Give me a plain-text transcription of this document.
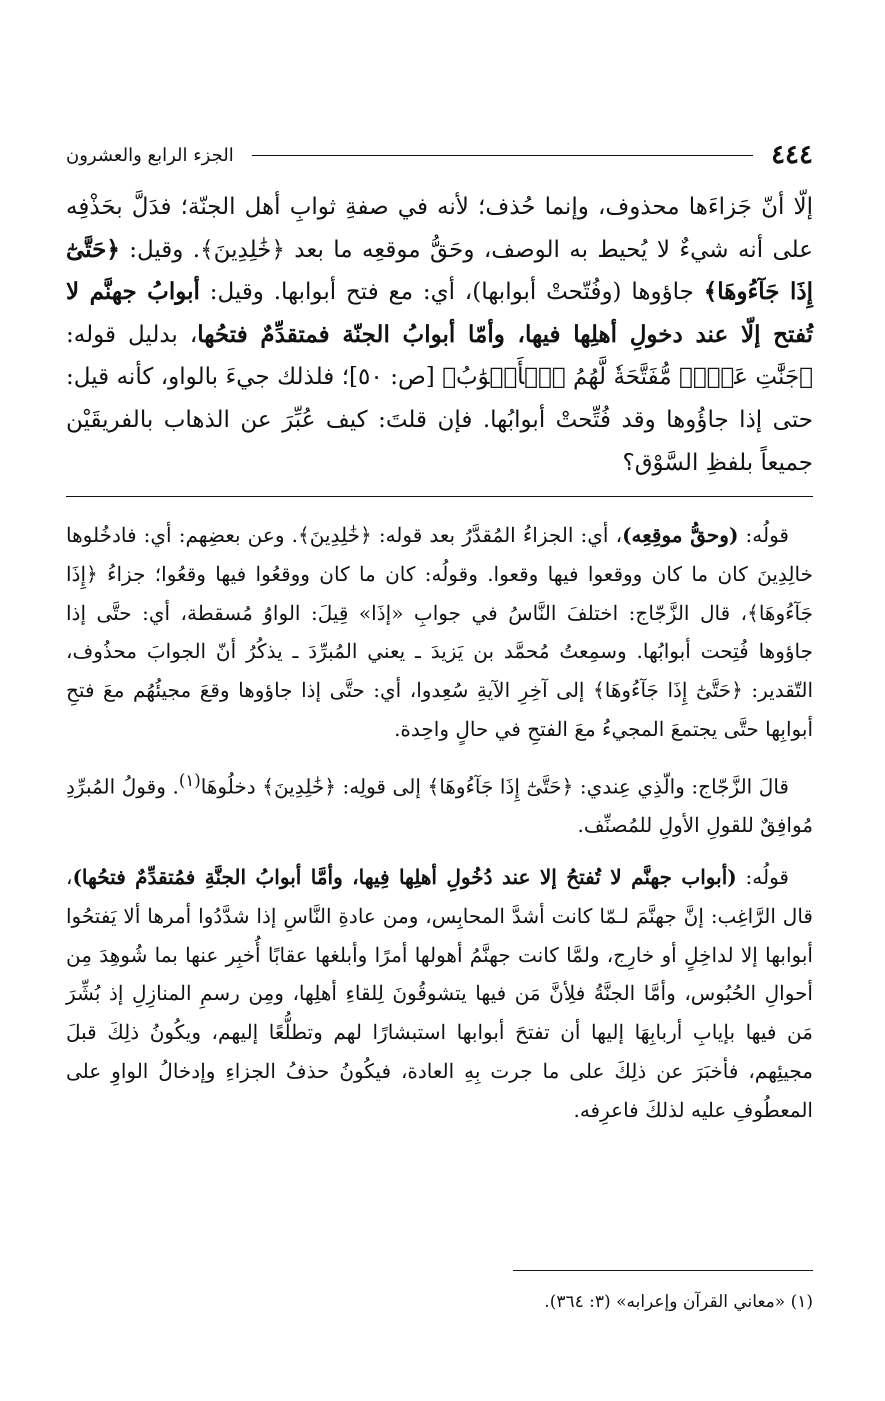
٤٤٤
الجزء الرابع والعشرون
إلّا أنّ جَزاءَها محذوف، وإنما حُذف؛ لأنه في صفةِ ثوابِ أهل الجنّة؛ فدَلَّ بحَذْفِه على أنه شيءٌ لا يُحيط به الوصف، وحَقُّ موقعِه ما بعد ﴿خَٰلِدِينَ﴾. وقيل: ﴿حَتَّىٰٓ إِذَا جَآءُوهَا﴾ جاؤوها (وفُتّحتْ أبوابها)، أي: مع فتح أبوابها. وقيل: أبوابُ جهنَّم لا تُفتح إلّا عند دخولِ أهلِها فيها، وأمّا أبوابُ الجنّة فمتقدِّمٌ فتحُها، بدليل قوله: ﴿جَنَّٰتِ عَدۡنٖ مُّفَتَّحَةٗ لَّهُمُ ٱلۡأَبۡوَٰبُ﴾ [ص: ٥٠]؛ فلذلك جيءَ بالواو، كأنه قيل: حتى إذا جاؤُوها وقد فُتِّحتْ أبوابُها. فإن قلتَ: كيف عُبِّرَ عن الذهاب بالفريقَيْن جميعاً بلفظِ السَّوْق؟

قولُه: (وحقُّ موقِعِه)، أي: الجزاءُ المُقدَّرُ بعد قوله: ﴿خَٰلِدِينَ﴾. وعن بعضِهم: أي: فادخُلوها خالِدِينَ كان ما كان ووقعوا فيها وقعوا. وقولُه: كان ما كان ووقعُوا فيها وقعُوا؛ جزاءُ ﴿إِذَا جَآءُوهَا﴾، قال الزَّجّاج: اختلفَ النَّاسُ في جوابِ «إذَا» قِيلَ: الواوُ مُسقطة، أي: حتَّى إذا جاؤوها فُتِحت أبوابُها. وسمِعتُ مُحمَّد بن يَزيدَ ـ يعني المُبرِّدَ ـ يذكُرُ أنّ الجوابَ محذُوف، التّقدير: ﴿حَتَّىٰٓ إِذَا جَآءُوهَا﴾ إلى آخِرِ الآيةِ سُعِدوا، أي: حتَّى إذا جاؤوها وقعَ مجيئُهُم معَ فتحِ أبوابِها حتَّى يجتمعَ المجيءُ معَ الفتحِ في حالٍ واحِدة.

قالَ الزَّجّاج: والّذِي عِندي: ﴿حَتَّىٰٓ إِذَا جَآءُوهَا﴾ إلى قولِه: ﴿خَٰلِدِينَ﴾ دخلُوهَا$^{(١)}$. وقولُ المُبرِّدِ مُوافِقٌ للقولِ الأولِ للمُصنِّف.

قولُه: (أبواب جهنَّم لا تُفتحُ إلا عند دُخُولِ أهلِها فِيها، وأمَّا أبوابُ الجنَّةِ فمُتقدِّمٌ فتحُها)، قال الرَّاغِب: إنَّ جهنَّمَ لـمّا كانت أشدَّ المحابِس، ومن عادةِ النَّاسِ إذا شدَّدُوا أمرها ألا يَفتحُوا أبوابها إلا لداخِلٍ أو خارِج، ولمَّا كانت جهنَّمُ أهولها أمرًا وأبلغها عقابًا أُخبِر عنها بما شُوهِدَ مِن أحوالِ الحُبُوس، وأمَّا الجنَّةُ فلِأنَّ مَن فيها يتشوقُونَ لِلقاءِ أهلِها، ومِن رسمِ المنازِلِ إذ بُشِّرَ مَن فيها بإيابِ أربابِهَا إليها أن تفتحَ أبوابها استبشارًا لهم وتطلُّعًا إليهم، ويكُونُ ذلِكَ قبلَ مجيئِهم، فأخبَرَ عن ذلِكَ على ما جرت بِهِ العادة، فيكُونُ حذفُ الجزاءِ وإدخالُ الواوِ على المعطُوفِ عليه لذلكَ فاعرِفه.

(١) «معاني القرآن وإعرابه» (٣: ٣٦٤).
